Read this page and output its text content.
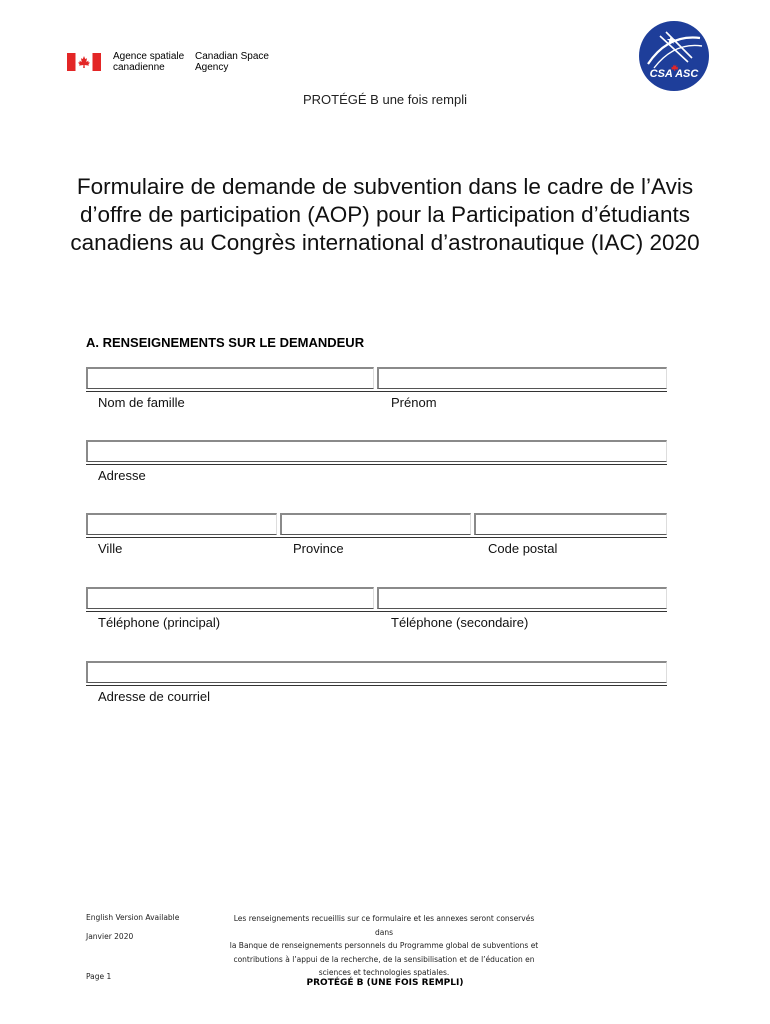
Agence spatiale
canadienne
Canadian Space
Agency
CSA ASC
PROTÉGÉ B une fois rempli
Formulaire de demande de subvention dans le cadre de l’Avis d’offre de participation (AOP) pour la Participation d’étudiants canadiens au Congrès international d’astronautique (IAC) 2020
A. RENSEIGNEMENTS SUR LE DEMANDEUR
Nom de famille	Prénom
Adresse
Ville	Province	Code postal
Téléphone (principal)	Téléphone (secondaire)
Adresse de courriel
English Version Available
Janvier 2020
Page 1
Les renseignements recueillis sur ce formulaire et les annexes seront conservés dans
la Banque de renseignements personnels du Programme global de subventions et
contributions à l’appui de la recherche, de la sensibilisation et de l’éducation en
sciences et technologies spatiales.
PROTÉGÉ B (UNE FOIS REMPLI)
